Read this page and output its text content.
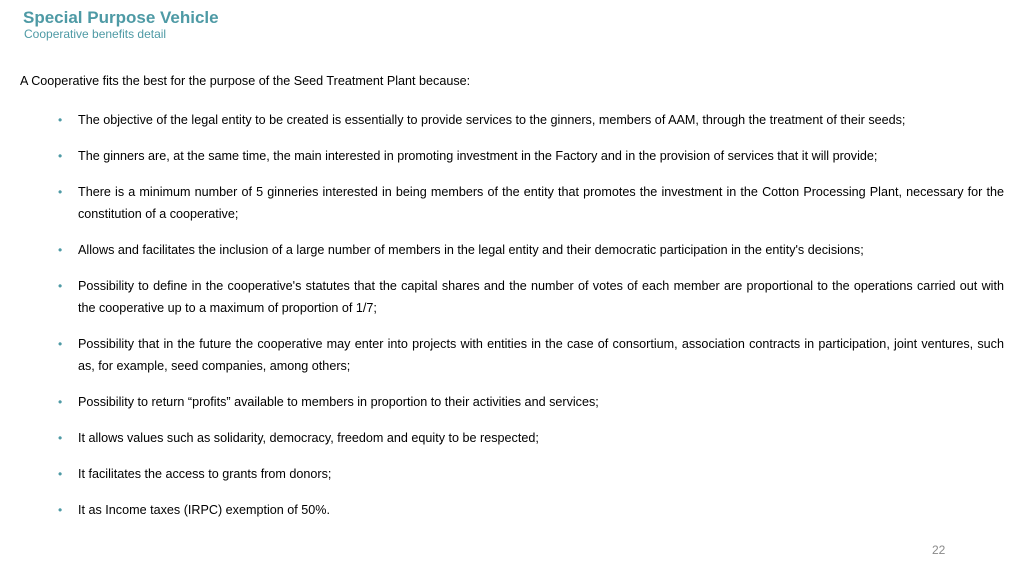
Special Purpose Vehicle
Cooperative benefits detail
A Cooperative fits the best for the purpose of the Seed Treatment Plant because:
• The objective of the legal entity to be created is essentially to provide services to the ginners, members of AAM, through the treatment of their seeds;
• The ginners are, at the same time, the main interested in promoting investment in the Factory and in the provision of services that it will provide;
• There is a minimum number of 5 ginneries interested in being members of the entity that promotes the investment in the Cotton Processing Plant, necessary for the constitution of a cooperative;
• Allows and facilitates the inclusion of a large number of members in the legal entity and their democratic participation in the entity's decisions;
• Possibility to define in the cooperative's statutes that the capital shares and the number of votes of each member are proportional to the operations carried out with the cooperative up to a maximum of proportion of 1/7;
• Possibility that in the future the cooperative may enter into projects with entities in the case of consortium, association contracts in participation, joint ventures, such as, for example, seed companies, among others;
• Possibility to return “profits” available to members in proportion to their activities and services;
• It allows values such as solidarity, democracy, freedom and equity to be respected;
• It facilitates the access to grants from donors;
• It as Income taxes (IRPC) exemption of 50%.
22
